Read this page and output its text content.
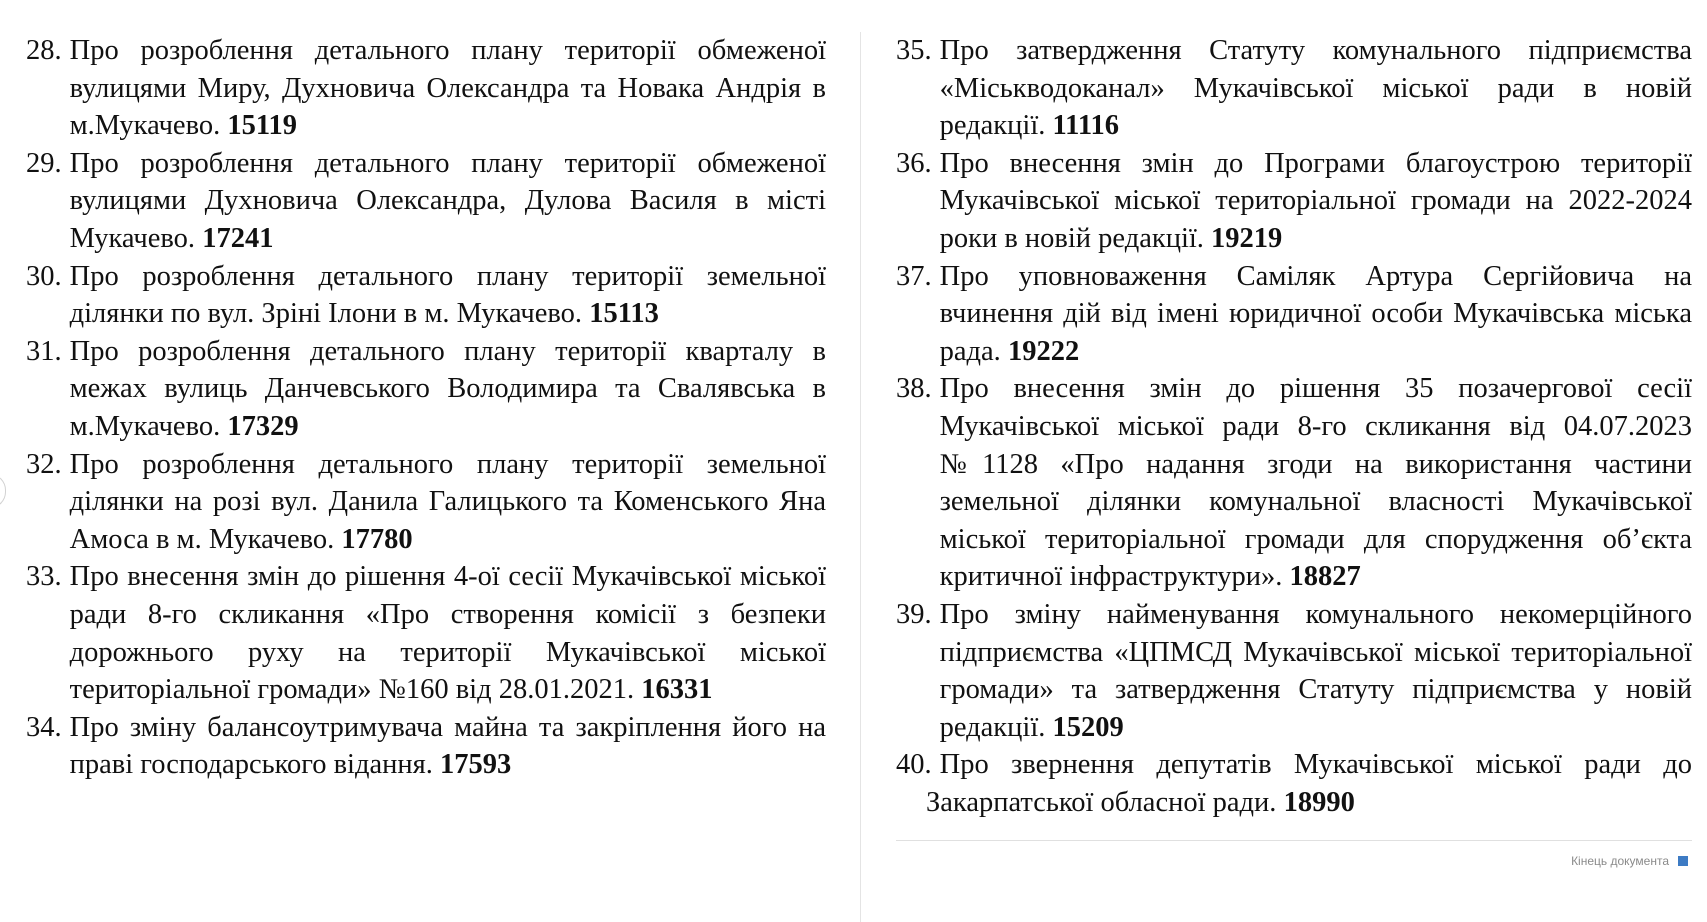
28. Про розроблення детального плану території обмеженої вулицями Миру, Духновича Олександра та Новака Андрія в м.Мукачево. 15119
29. Про розроблення детального плану території обмеженої вулицями Духновича Олександра, Дулова Василя в місті Мукачево. 17241
30. Про розроблення детального плану території земельної ділянки по вул. Зріні Ілони в м. Мукачево. 15113
31. Про розроблення детального плану території кварталу в межах вулиць Данчевського Володимира та Свалявська в м.Мукачево. 17329
32. Про розроблення детального плану території земельної ділянки на розі вул. Данила Галицького та Коменського Яна Амоса в м. Мукачево. 17780
33. Про внесення змін до рішення 4-ої сесії Мукачівської міської ради 8-го скликання «Про створення комісії з безпеки дорожнього руху на території Мукачівської міської територіальної громади» №160 від 28.01.2021. 16331
34. Про зміну балансоутримувача майна та закріплення його на праві господарського відання. 17593
35. Про затвердження Статуту комунального підприємства «Міськводоканал» Мукачівської міської ради в новій редакції. 11116
36. Про внесення змін до Програми благоустрою території Мукачівської міської територіальної громади на 2022-2024 роки в новій редакції. 19219
37. Про уповноваження Саміляк Артура Сергійовича на вчинення дій від імені юридичної особи Мукачівська міська рада. 19222
38. Про внесення змін до рішення 35 позачергової сесії Мукачівської міської ради 8-го скликання від 04.07.2023 №1128 «Про надання згоди на використання частини земельної ділянки комунальної власності Мукачівської міської територіальної громади для спорудження об’єкта критичної інфраструктури». 18827
39. Про зміну найменування комунального некомерційного підприємства «ЦПМСД Мукачівської міської територіальної громади» та затвердження Статуту підприємства у новій редакції. 15209
40. Про звернення депутатів Мукачівської міської ради до Закарпатської обласної ради. 18990
Кінець документа
